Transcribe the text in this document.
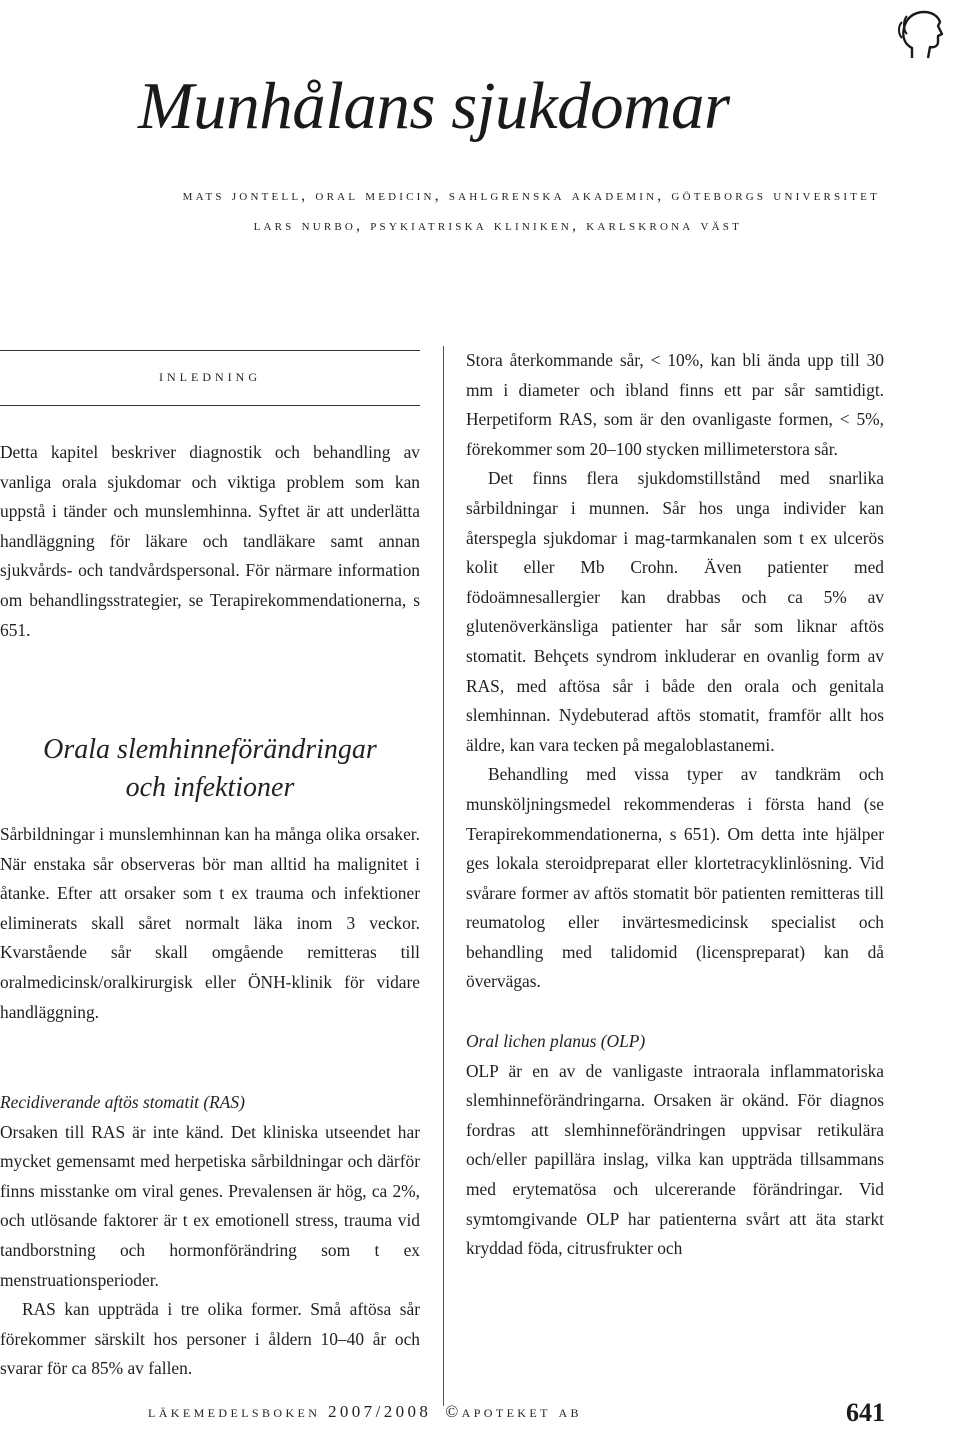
Munhålans sjukdomar
mats jontell, oral medicin, sahlgrenska akademin, göteborgs universitet
lars nurbo, psykiatriska kliniken, karlskrona väst
inledning

Detta kapitel beskriver diagnostik och behandling av vanliga orala sjukdomar och viktiga problem som kan uppstå i tänder och munslemhinna. Syftet är att underlätta handläggning för läkare och tandläkare samt annan sjukvårds- och tandvårdspersonal. För närmare information om behandlingsstrategier, se Terapirekommendationerna, s 651.

Orala slemhinneförändringar
och infektioner

Sårbildningar i munslemhinnan kan ha många olika orsaker. När enstaka sår observeras bör man alltid ha malignitet i åtanke. Efter att orsaker som t ex trauma och infektioner eliminerats skall såret normalt läka inom 3 veckor. Kvarstående sår skall omgående remitteras till oralmedicinsk/oralkirurgisk eller ÖNH-klinik för vidare handläggning.

Recidiverande aftös stomatit (RAS)

Orsaken till RAS är inte känd. Det kliniska utseendet har mycket gemensamt med herpetiska sårbildningar och därför finns misstanke om viral genes. Prevalensen är hög, ca 2%, och utlösande faktorer är t ex emotionell stress, trauma vid tandborstning och hormonförändring som t ex menstruationsperioder.

RAS kan uppträda i tre olika former. Små aftösa sår förekommer särskilt hos personer i åldern 10–40 år och svarar för ca 85% av fallen.

Stora återkommande sår, < 10%, kan bli ända upp till 30 mm i diameter och ibland finns ett par sår samtidigt. Herpetiform RAS, som är den ovanligaste formen, < 5%, förekommer som 20–100 stycken millimeterstora sår.

Det finns flera sjukdomstillstånd med snarlika sårbildningar i munnen. Sår hos unga individer kan återspegla sjukdomar i mag-tarmkanalen som t ex ulcerös kolit eller Mb Crohn. Även patienter med födoämnesallergier kan drabbas och ca 5% av glutenöverkänsliga patienter har sår som liknar aftös stomatit. Behçets syndrom inkluderar en ovanlig form av RAS, med aftösa sår i både den orala och genitala slemhinnan. Nydebuterad aftös stomatit, framför allt hos äldre, kan vara tecken på megaloblastanemi.

Behandling med vissa typer av tandkräm och munsköljningsmedel rekommenderas i första hand (se Terapirekommendationerna, s 651). Om detta inte hjälper ges lokala steroidpreparat eller klortetracyklinlösning. Vid svårare former av aftös stomatit bör patienten remitteras till reumatolog eller invärtesmedicinsk specialist och behandling med talidomid (licenspreparat) kan då övervägas.

Oral lichen planus (OLP)

OLP är en av de vanligaste intraorala inflammatoriska slemhinneförändringarna. Orsaken är okänd. För diagnos fordras att slemhinneförändringen uppvisar retikulära och/eller papillära inslag, vilka kan uppträda tillsammans med erytematösa och ulcererande förändringar. Vid symtomgivande OLP har patienterna svårt att äta starkt kryddad föda, citrusfrukter och

läkemedelsboken 2007/2008 ©apoteket ab	641
